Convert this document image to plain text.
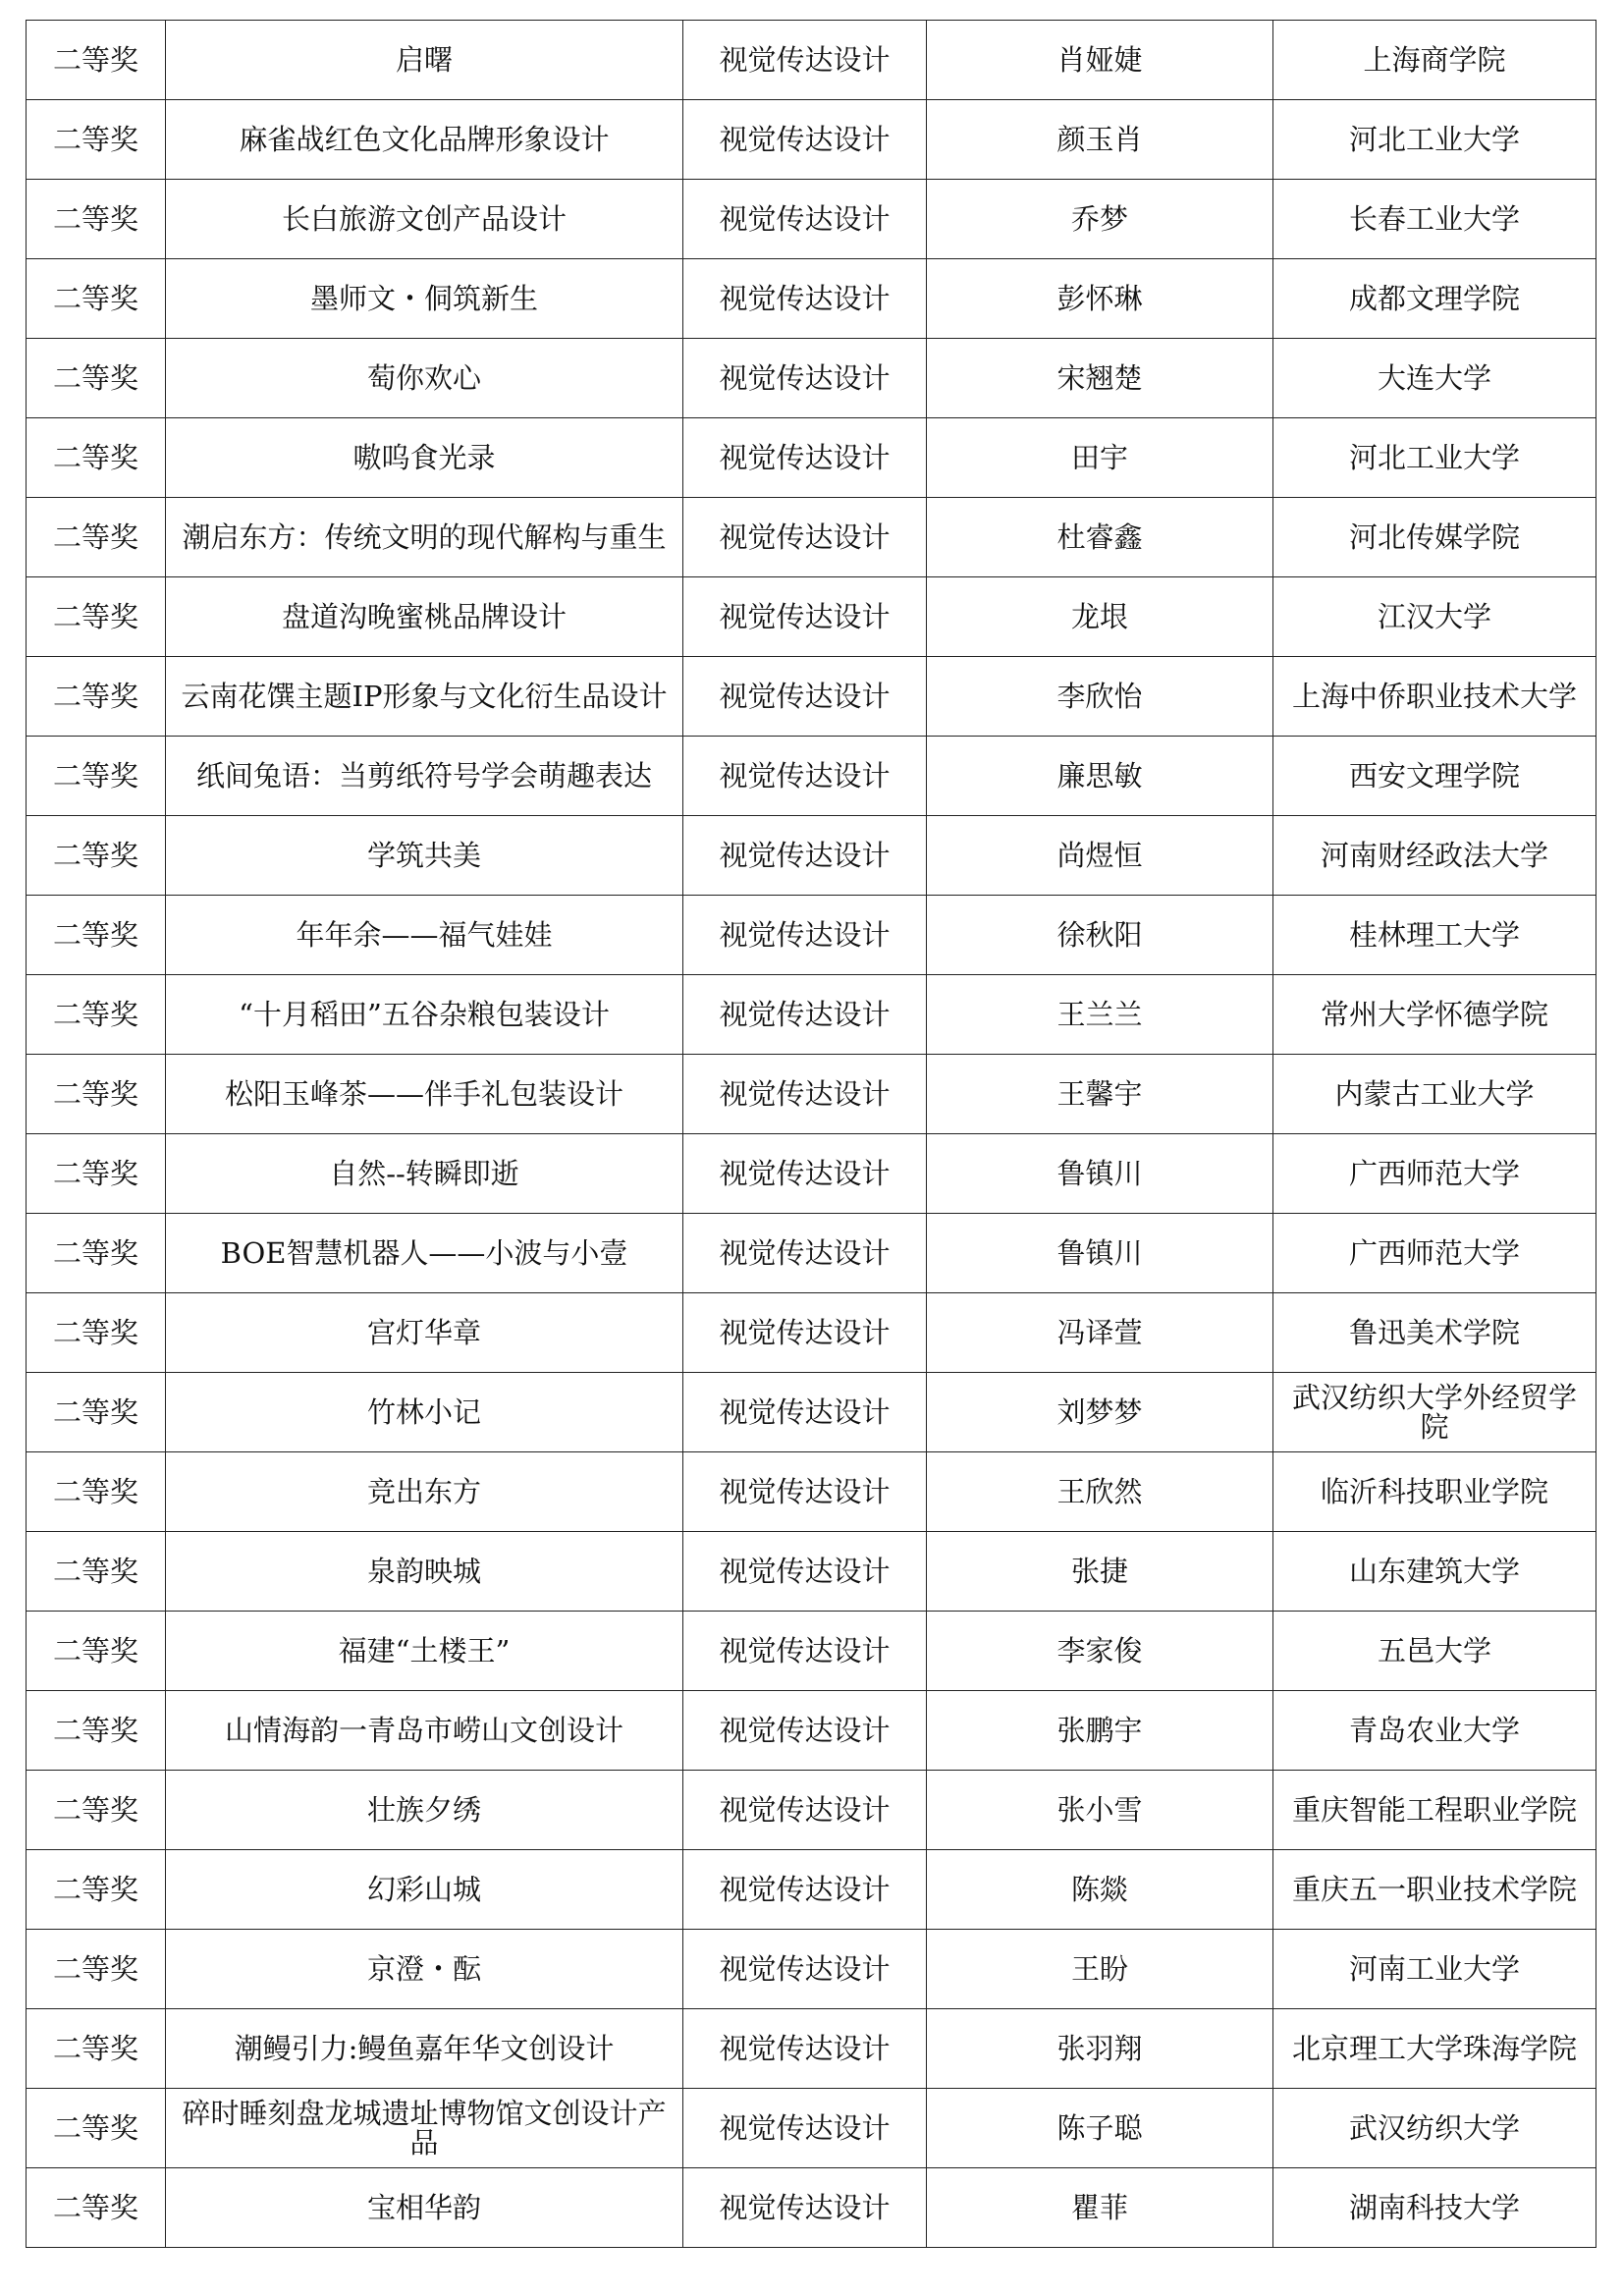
二等奖	启曙	视觉传达设计	肖娅婕	上海商学院
二等奖	麻雀战红色文化品牌形象设计	视觉传达设计	颜玉肖	河北工业大学
二等奖	长白旅游文创产品设计	视觉传达设计	乔梦	长春工业大学
二等奖	墨师文・侗筑新生	视觉传达设计	彭怀琳	成都文理学院
二等奖	萄你欢心	视觉传达设计	宋翘楚	大连大学
二等奖	嗷呜食光录	视觉传达设计	田宇	河北工业大学
二等奖	潮启东方：传统文明的现代解构与重生	视觉传达设计	杜睿鑫	河北传媒学院
二等奖	盘道沟晚蜜桃品牌设计	视觉传达设计	龙垠	江汉大学
二等奖	云南花馔主题IP形象与文化衍生品设计	视觉传达设计	李欣怡	上海中侨职业技术大学
二等奖	纸间兔语：当剪纸符号学会萌趣表达	视觉传达设计	廉思敏	西安文理学院
二等奖	学筑共美	视觉传达设计	尚煜恒	河南财经政法大学
二等奖	年年余——福气娃娃	视觉传达设计	徐秋阳	桂林理工大学
二等奖	“十月稻田”五谷杂粮包装设计	视觉传达设计	王兰兰	常州大学怀德学院
二等奖	松阳玉峰茶——伴手礼包装设计	视觉传达设计	王馨宇	内蒙古工业大学
二等奖	自然--转瞬即逝	视觉传达设计	鲁镇川	广西师范大学
二等奖	BOE智慧机器人——小波与小壹	视觉传达设计	鲁镇川	广西师范大学
二等奖	宫灯华章	视觉传达设计	冯译萱	鲁迅美术学院
二等奖	竹林小记	视觉传达设计	刘梦梦	武汉纺织大学外经贸学院
二等奖	竞出东方	视觉传达设计	王欣然	临沂科技职业学院
二等奖	泉韵映城	视觉传达设计	张捷	山东建筑大学
二等奖	福建“土楼王”	视觉传达设计	李家俊	五邑大学
二等奖	山情海韵一青岛市崂山文创设计	视觉传达设计	张鹏宇	青岛农业大学
二等奖	壮族夕绣	视觉传达设计	张小雪	重庆智能工程职业学院
二等奖	幻彩山城	视觉传达设计	陈燚	重庆五一职业技术学院
二等奖	京澄・酝	视觉传达设计	王盼	河南工业大学
二等奖	潮鳗引力:鳗鱼嘉年华文创设计	视觉传达设计	张羽翔	北京理工大学珠海学院
二等奖	碎时睡刻盘龙城遗址博物馆文创设计产品	视觉传达设计	陈子聪	武汉纺织大学
二等奖	宝相华韵	视觉传达设计	瞿菲	湖南科技大学
